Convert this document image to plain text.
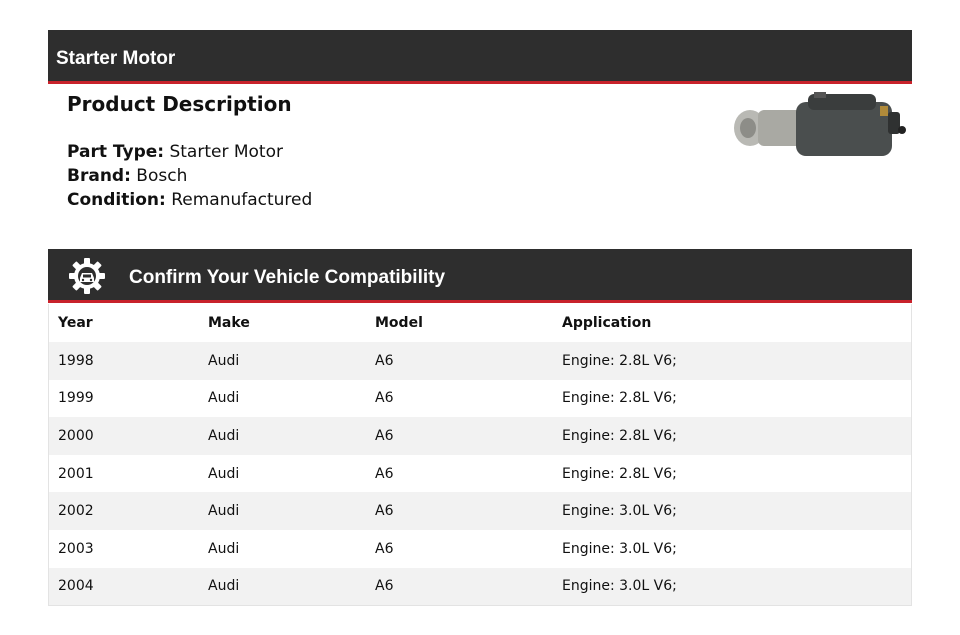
Starter Motor
Product Description
Part Type: Starter Motor
Brand: Bosch
Condition: Remanufactured
Confirm Your Vehicle Compatibility
Year	Make	Model	Application
1998	Audi	A6	Engine: 2.8L V6;
1999	Audi	A6	Engine: 2.8L V6;
2000	Audi	A6	Engine: 2.8L V6;
2001	Audi	A6	Engine: 2.8L V6;
2002	Audi	A6	Engine: 3.0L V6;
2003	Audi	A6	Engine: 3.0L V6;
2004	Audi	A6	Engine: 3.0L V6;
